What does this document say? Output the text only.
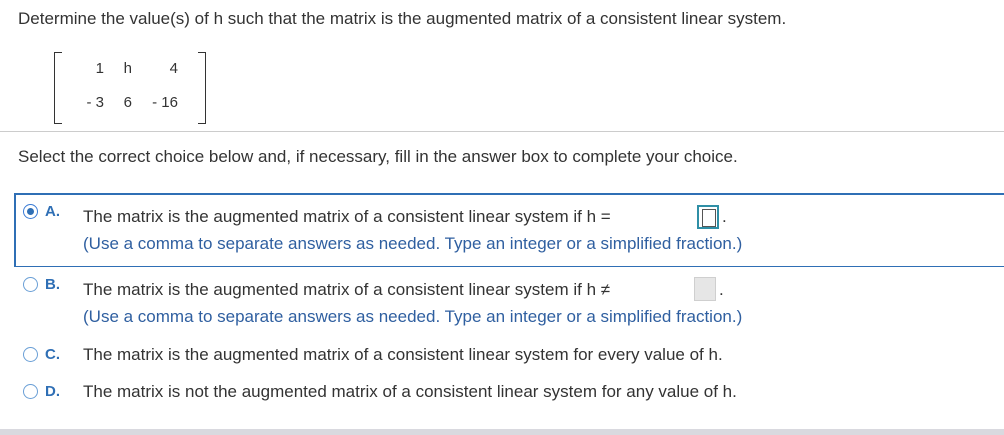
Determine the value(s) of h such that the matrix is the augmented matrix of a consistent linear system.
1	h	4
- 3	6	- 16
Select the correct choice below and, if necessary, fill in the answer box to complete your choice.
A. The matrix is the augmented matrix of a consistent linear system if h =	.
(Use a comma to separate answers as needed. Type an integer or a simplified fraction.)
B. The matrix is the augmented matrix of a consistent linear system if h ≠	.
(Use a comma to separate answers as needed. Type an integer or a simplified fraction.)
C. The matrix is the augmented matrix of a consistent linear system for every value of h.
D. The matrix is not the augmented matrix of a consistent linear system for any value of h.
